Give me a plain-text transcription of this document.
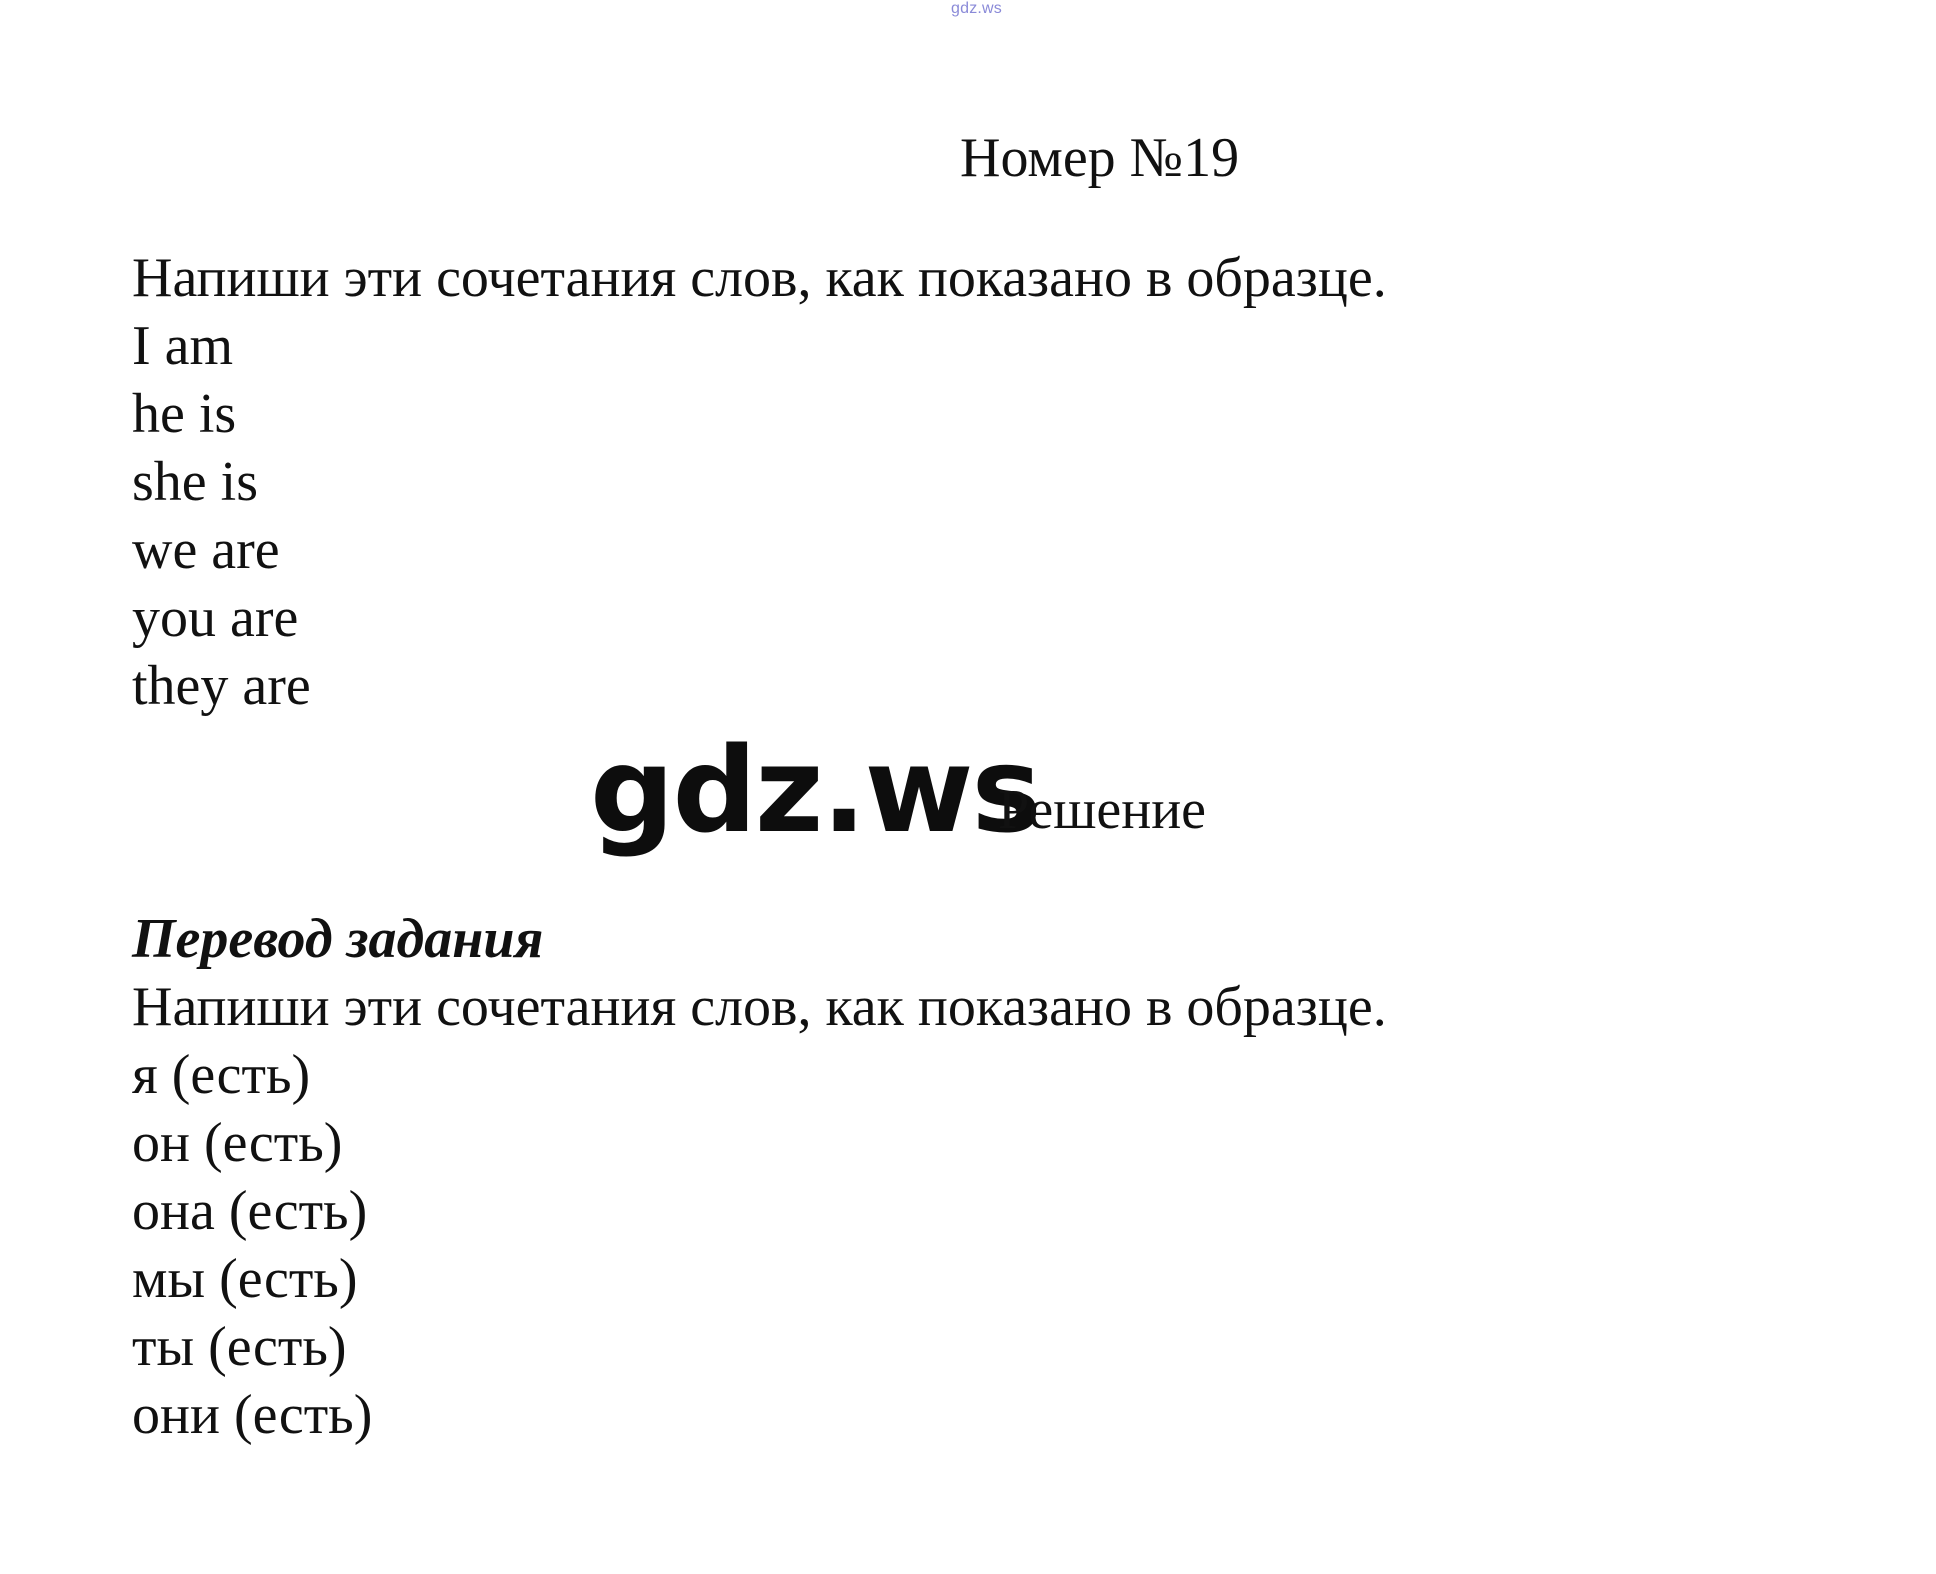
gdz.ws
Номер №19
Напиши эти сочетания слов, как показано в образце.
I am
he is
she is
we are
you are
they are
gdz.ws
Решение
Перевод задания
Напиши эти сочетания слов, как показано в образце.
я (есть)
он (есть)
она (есть)
мы (есть)
ты (есть)
они (есть)
